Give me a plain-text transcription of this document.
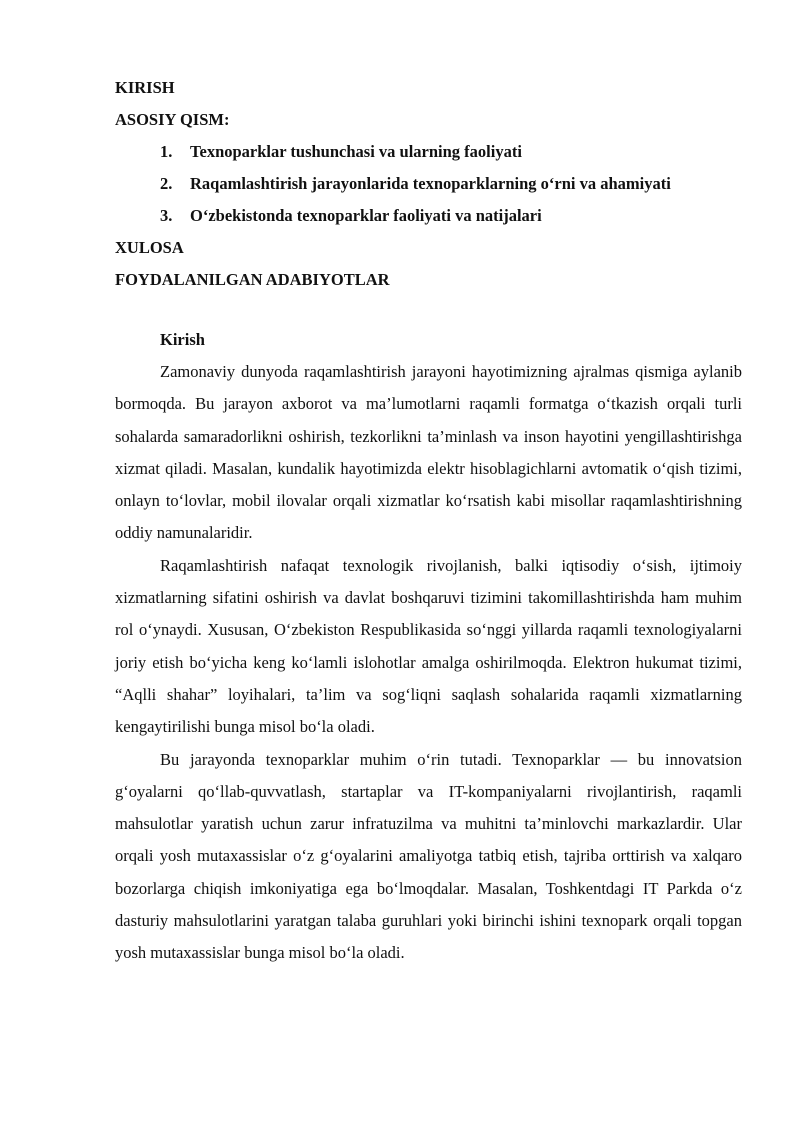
KIRISH
ASOSIY QISM:
1. Texnoparklar tushunchasi va ularning faoliyati
2. Raqamlashtirish jarayonlarida texnoparklarning o‘rni va ahamiyati
3. O‘zbekistonda texnoparklar faoliyati va natijalari
XULOSA
FOYDALANILGAN ADABIYOTLAR

Kirish

Zamonaviy dunyoda raqamlashtirish jarayoni hayotimizning ajralmas qismiga aylanib bormoqda. Bu jarayon axborot va ma’lumotlarni raqamli formatga o‘tkazish orqali turli sohalarda samaradorlikni oshirish, tezkorlikni ta’minlash va inson hayotini yengillashtirishga xizmat qiladi. Masalan, kundalik hayotimizda elektr hisoblagichlarni avtomatik o‘qish tizimi, onlayn to‘lovlar, mobil ilovalar orqali xizmatlar ko‘rsatish kabi misollar raqamlashtirishning oddiy namunalaridir.

Raqamlashtirish nafaqat texnologik rivojlanish, balki iqtisodiy o‘sish, ijtimoiy xizmatlarning sifatini oshirish va davlat boshqaruvi tizimini takomillashtirishda ham muhim rol o‘ynaydi. Xususan, O‘zbekiston Respublikasida so‘nggi yillarda raqamli texnologiyalarni joriy etish bo‘yicha keng ko‘lamli islohotlar amalga oshirilmoqda. Elektron hukumat tizimi, “Aqlli shahar” loyihalari, ta’lim va sog‘liqni saqlash sohalarida raqamli xizmatlarning kengaytirilishi bunga misol bo‘la oladi.

Bu jarayonda texnoparklar muhim o‘rin tutadi. Texnoparklar — bu innovatsion g‘oyalarni qo‘llab-quvvatlash, startaplar va IT-kompaniyalarni rivojlantirish, raqamli mahsulotlar yaratish uchun zarur infratuzilma va muhitni ta’minlovchi markazlardir. Ular orqali yosh mutaxassislar o‘z g‘oyalarini amaliyotga tatbiq etish, tajriba orttirish va xalqaro bozorlarga chiqish imkoniyatiga ega bo‘lmoqdalar. Masalan, Toshkentdagi IT Parkda o‘z dasturiy mahsulotlarini yaratgan talaba guruhlari yoki birinchi ishini texnopark orqali topgan yosh mutaxassislar bunga misol bo‘la oladi.
